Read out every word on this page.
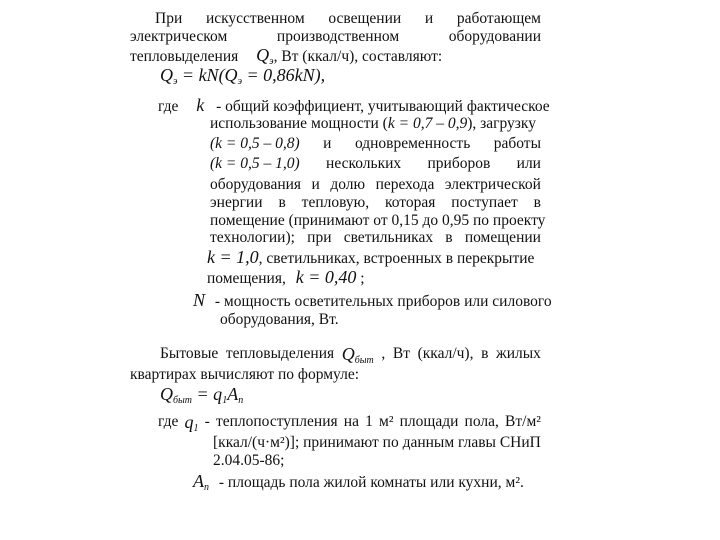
При искусственном освещении и работающем
электрическом	производственном	оборудовании
тепловыделения $Q_э$, Вт (ккал/ч), составляют:
$Q_э = kN(Q_э = 0,86kN)$,
где k - общий коэффициент, учитывающий фактическое
использование мощности (k = 0,7 – 0,9), загрузку
(k = 0,5 – 0,8) и одновременность работы
(k = 0,5 – 1,0) нескольких приборов или
оборудования и долю перехода электрической
энергии в тепловую, которая поступает в
помещение (принимают от 0,15 до 0,95 по проекту
технологии); при светильниках в помещении
k = 1,0, светильниках, встроенных в перекрытие
помещения, k = 0,40 ;
N - мощность осветительных приборов или силового
оборудования, Вт.
Бытовые тепловыделения $Q_{быт}$ , Вт (ккал/ч), в жилых
квартирах вычисляют по формуле:
$Q_{быт} = q_1A_п$
где $q_1$ - теплопоступления на 1 м² площади пола, Вт/м²
[ккал/(ч·м²)]; принимают по данным главы СНиП
2.04.05-86;
$A_п$ - площадь пола жилой комнаты или кухни, м².
